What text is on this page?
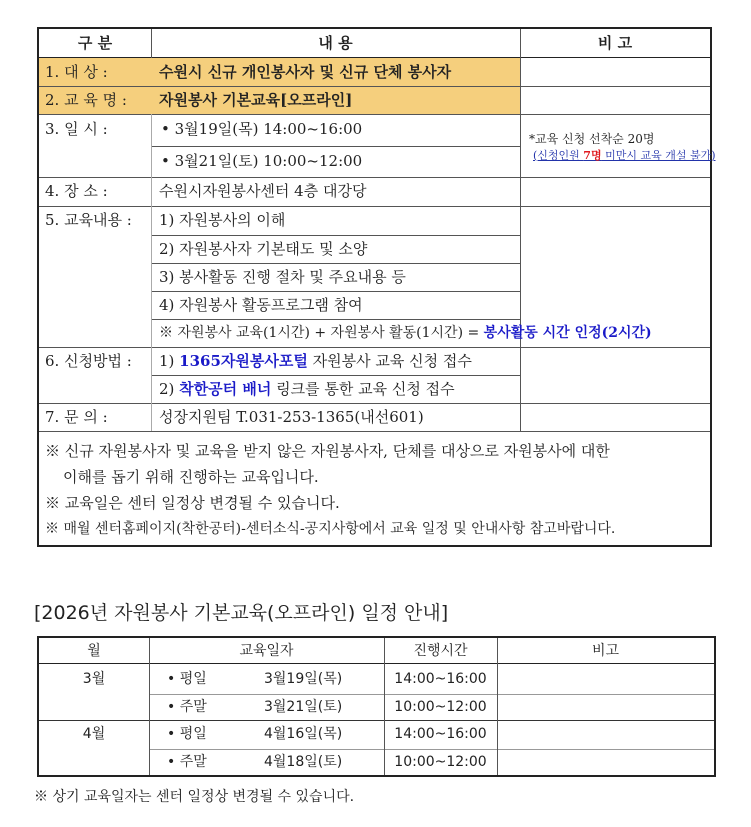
구 분	내 용	비 고
1. 대 상 :	수원시 신규 개인봉사자 및 신규 단체 봉사자
2. 교 육 명 : 자원봉사 기본교육[오프라인]
3. 일 시 :	• 3월19일(목) 14:00~16:00
• 3월21일(토) 10:00~12:00
*교육 신청 선착순 20명
(신청인원 7명 미만시 교육 개설 불가)
4. 장 소 :	수원시자원봉사센터 4층 대강당
5. 교육내용 : 1) 자원봉사의 이해
2) 자원봉사자 기본태도 및 소양
3) 봉사활동 진행 절차 및 주요내용 등
4) 자원봉사 활동프로그램 참여
※ 자원봉사 교육(1시간) + 자원봉사 활동(1시간) = 봉사활동 시간 인정(2시간)
6. 신청방법 : 1) 1365자원봉사포털 자원봉사 교육 신청 접수
2) 착한공터 배너 링크를 통한 교육 신청 접수
7. 문 의 :	성장지원팀 T.031-253-1365(내선601)
※ 신규 자원봉사자 및 교육을 받지 않은 자원봉사자, 단체를 대상으로 자원봉사에 대한
이해를 돕기 위해 진행하는 교육입니다.
※ 교육일은 센터 일정상 변경될 수 있습니다.
※ 매월 센터홈페이지(착한공터)-센터소식-공지사항에서 교육 일정 및 안내사항 참고바랍니다.
[2026년 자원봉사 기본교육(오프라인) 일정 안내]
월	교육일자	진행시간	비고
3월	• 평일	3월19일(목)	14:00~16:00
• 주말	3월21일(토)	10:00~12:00
4월	• 평일	4월16일(목)	14:00~16:00
• 주말	4월18일(토)	10:00~12:00
※ 상기 교육일자는 센터 일정상 변경될 수 있습니다.
